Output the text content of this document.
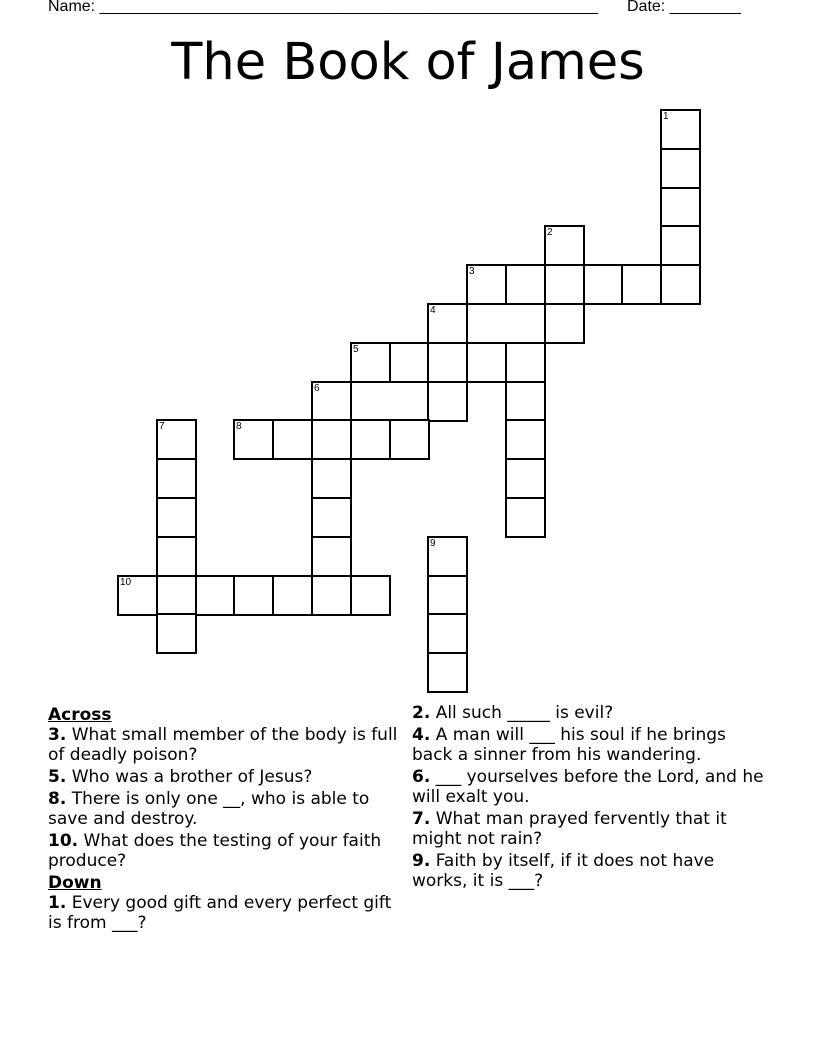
Name: ________________________________________________________ Date: ________
The Book of James
1
2
3
4
5
6
7	8
9
10
Across
3. What small member of the body is full of deadly poison?
5. Who was a brother of Jesus?
8. There is only one __, who is able to save and destroy.
10. What does the testing of your faith produce?
Down
1. Every good gift and every perfect gift is from ___?
2. All such _____ is evil?
4. A man will ___ his soul if he brings back a sinner from his wandering.
6. ___ yourselves before the Lord, and he will exalt you.
7. What man prayed fervently that it might not rain?
9. Faith by itself, if it does not have works, it is ___?
